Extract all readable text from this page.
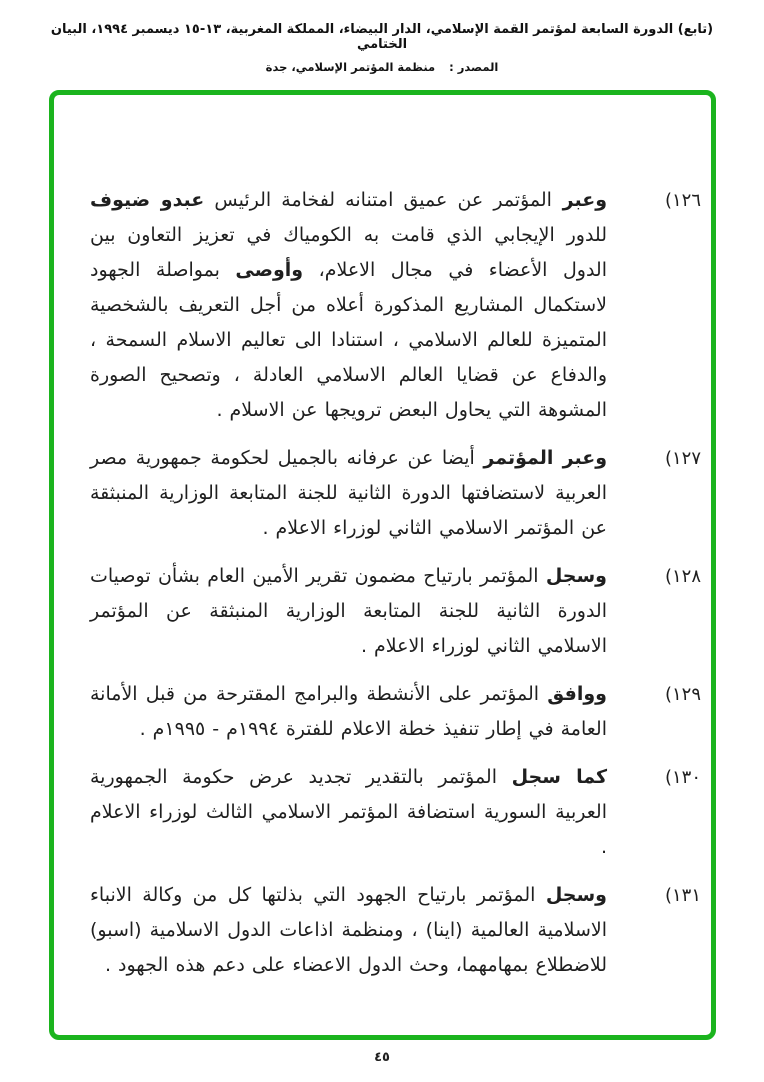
(تابع) الدورة السابعة لمؤتمر القمة الإسلامي، الدار البيضاء، المملكة المغربية، ١٣-١٥ ديسمبر ١٩٩٤، البيان الختامي
المصدر : منظمة المؤتمر الإسلامي، جدة
١٢٦)
وعبر المؤتمر عن عميق امتنانه لفخامة الرئيس عبدو ضيوف للدور الإيجابي الذي قامت به الكومياك في تعزيز التعاون بين الدول الأعضاء في مجال الاعلام، وأوصى بمواصلة الجهود لاستكمال المشاريع المذكورة أعلاه من أجل التعريف بالشخصية المتميزة للعالم الاسلامي ، استنادا الى تعاليم الاسلام السمحة ، والدفاع عن قضايا العالم الاسلامي العادلة ، وتصحيح الصورة المشوهة التي يحاول البعض ترويجها عن الاسلام .
١٢٧)
وعبر المؤتمر أيضا عن عرفانه بالجميل لحكومة جمهورية مصر العربية لاستضافتها الدورة الثانية للجنة المتابعة الوزارية المنبثقة عن المؤتمر الاسلامي الثاني لوزراء الاعلام .
١٢٨)
وسجل المؤتمر بارتياح مضمون تقرير الأمين العام بشأن توصيات الدورة الثانية للجنة المتابعة الوزارية المنبثقة عن المؤتمر الاسلامي الثاني لوزراء الاعلام .
١٢٩)
ووافق المؤتمر على الأنشطة والبرامج المقترحة من قبل الأمانة العامة في إطار تنفيذ خطة الاعلام للفترة ١٩٩٤م - ١٩٩٥م .
١٣٠)
كما سجل المؤتمر بالتقدير تجديد عرض حكومة الجمهورية العربية السورية استضافة المؤتمر الاسلامي الثالث لوزراء الاعلام .
١٣١)
وسجل المؤتمر بارتياح الجهود التي بذلتها كل من وكالة الانباء الاسلامية العالمية (اينا) ، ومنظمة اذاعات الدول الاسلامية (اسبو) للاضطلاع بمهامهما، وحث الدول الاعضاء على دعم هذه الجهود .
٤٥
